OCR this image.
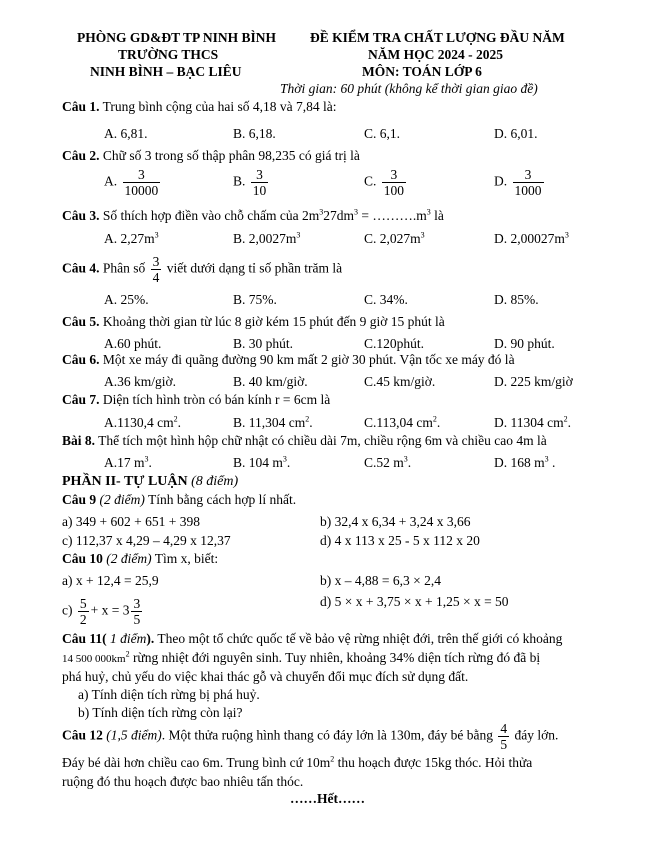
PHÒNG GD&ĐT TP NINH BÌNH
TRƯỜNG THCS
NINH BÌNH – BẠC LIÊU
ĐỀ KIỂM TRA CHẤT LƯỢNG ĐẦU NĂM
NĂM HỌC 2024 - 2025
MÔN: TOÁN LỚP 6
Thời gian: 60 phút (không kể thời gian giao đề)
Câu 1. Trung bình cộng của hai số 4,18 và 7,84 là:
A. 6,81.	B. 6,18.	C. 6,1.	D. 6,01.
Câu 2. Chữ số 3 trong số thập phân 98,235 có giá trị là
A. $\frac{3}{10000}$	B. $\frac{3}{10}$	C. $\frac{3}{100}$	D. $\frac{3}{1000}$
Câu 3. Số thích hợp điền vào chỗ chấm của $2m^327dm^3$ = $\dots\dots\dots.m^3$ là
A. $2,27m^3$	B. $2,0027m^3$	C. $2,027m^3$	D. $2,00027m^3$
Câu 4. Phân số $\frac{3}{4}$ viết dưới dạng tỉ số phần trăm là
A. 25%.	B. 75%.	C. 34%.	D. 85%.
Câu 5. Khoảng thời gian từ lúc 8 giờ kém 15 phút đến 9 giờ 15 phút là
A.60 phút.	B. 30 phút.	C.120phút.	D. 90 phút.
Câu 6. Một xe máy đi quãng đường 90 km mất 2 giờ 30 phút. Vận tốc xe máy đó là
A.36 km/giờ.	B. 40 km/giờ.	C.45 km/giờ.	D. 225 km/giờ
Câu 7. Diện tích hình tròn có bán kính r = 6cm là
A.1130,4 $cm^2$.	B. 11,304 $cm^2$.	C.113,04 $cm^2$.	D. 11304 $cm^2$.
Bài 8. Thể tích một hình hộp chữ nhật có chiều dài 7m, chiều rộng 6m và chiều cao 4m là
A.17 $m^3$.	B. 104 $m^3$.	C.52 $m^3$.	D. 168 $m^3$ .
PHẦN II- TỰ LUẬN (8 điểm)
Câu 9 (2 điểm) Tính bằng cách hợp lí nhất.
a) 349 + 602 + 651 + 398	b) 32,4 x 6,34 + 3,24 x 3,66
c) 112,37 x 4,29 – 4,29 x 12,37	d) 4 x 113 x 25 - 5 x 112 x 20
Câu 10 (2 điểm) Tìm x, biết:
a) x + 12,4 = 25,9	b) x – 4,88 = 6,3 × 2,4
$c) \frac{5}{2} + x = 3 \frac{3}{5}$	d) 5 × x + 3,75 × x + 1,25 × x = 50
Câu 11( 1 điểm). Theo một tổ chức quốc tế về bảo vệ rừng nhiệt đới, trên thế giới có khoảng
14 500 $000km^2$ rừng nhiệt đới nguyên sinh. Tuy nhiên, khoảng 34% diện tích rừng đó đã bị
phá huỷ, chủ yếu do việc khai thác gỗ và chuyển đổi mục đích sử dụng đất.
a) Tính diện tích rừng bị phá huỷ.
b) Tính diện tích rừng còn lại?
Câu 12 (1,5 điểm). Một thửa ruộng hình thang có đáy lớn là 130m, đáy bé bằng $\frac{4}{5}$ đáy lớn.
Đáy bé dài hơn chiều cao 6m. Trung bình cứ $10m^2$ thu hoạch được 15kg thóc. Hỏi thửa
ruộng đó thu hoạch được bao nhiêu tấn thóc.
……Hết……
